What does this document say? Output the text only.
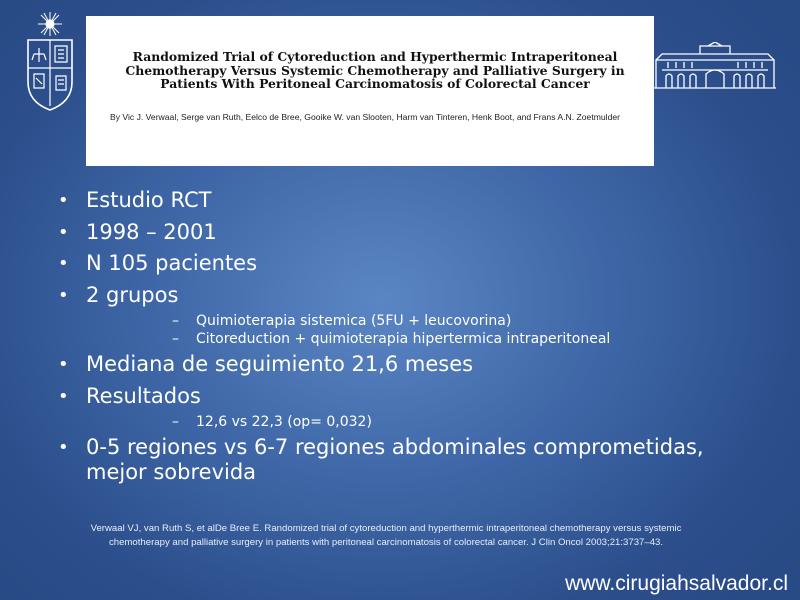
Randomized Trial of Cytoreduction and Hyperthermic Intraperitoneal Chemotherapy Versus Systemic Chemotherapy and Palliative Surgery in Patients With Peritoneal Carcinomatosis of Colorectal Cancer
By Vic J. Verwaal, Serge van Ruth, Eelco de Bree, Gooike W. van Slooten, Harm van Tinteren, Henk Boot, and Frans A.N. Zoetmulder
• Estudio RCT
• 1998 – 2001
• N 105 pacientes
• 2 grupos
– Quimioterapia sistemica (5FU + leucovorina)
– Citoreduction + quimioterapia hipertermica intraperitoneal
• Mediana de seguimiento 21,6 meses
• Resultados
– 12,6 vs 22,3 (op= 0,032)
• 0-5 regiones vs 6-7 regiones abdominales comprometidas, mejor sobrevida
Verwaal VJ, van Ruth S, et alDe Bree E. Randomized trial of cytoreduction and hyperthermic intraperitoneal chemotherapy versus systemic chemotherapy and palliative surgery in patients with peritoneal carcinomatosis of colorectal cancer. J Clin Oncol 2003;21:3737–43.
www.cirugiahsalvador.cl
